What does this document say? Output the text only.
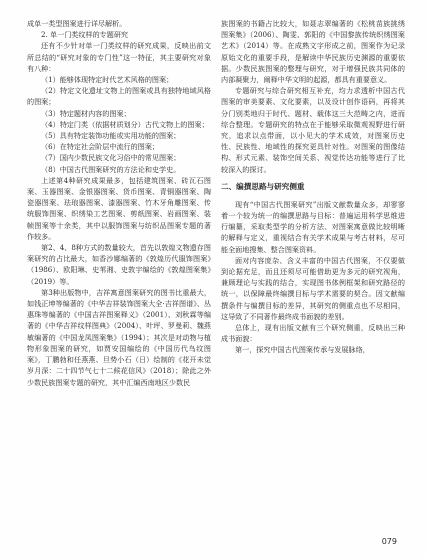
成单一类型图案进行详尽解析。

2. 单一门类纹样的专题研究

还有不少针对单一门类纹样的研究成果，反映出前文所总结的“研究对象的专门性”这一特征，其主要研究对象有八种：

（1）能够体现特定时代艺术风格的图案；

（2）特定文化遗址文物上的图案或具有独特地域风格的图案；

（3）特定题材内容的图案；

（4）特定门类（依据材质划分）古代文物上的图案；

（5）具有特定装饰功能或实用功能的图案；

（6）在特定社会阶层中流行的图案；

（7）国内少数民族文化习俗中的常见图案；

（8）中国古代图案研究的方法论和史学史。

上述第4种研究成果最多，包括建筑图案、砖瓦石图案、玉器图案、金银器图案、货币图案、青铜器图案、陶瓷器图案、珐琅器图案、漆器图案、竹木牙角雕图案、传统服饰图案、织绣染工艺图案、剪纸图案、岩画图案、装帧图案等十余类，其中以服饰图案与纺织品图案专题的著作较多。

第2、4、8种方式的数量较大，首先以敦煌文物遗存图案研究的占比最大，如香沙娜编著的《敦煌历代服饰图案》（1986）、欧阳琳、史苇湘、史敦宇编绘的《敦煌图案集》（2019）等。

第3种出版物中，吉祥寓意图案研究的图书比重最大，如钱正坤等编著的《中华吉祥装饰图案大全·吉祥图谱》、丛惠珠等编著的《中国吉祥图案释义》（2001）、刘秋霖等编著的《中华吉祥纹样图典》（2004）、叶坪、罗曼莉、魏燕敏编著的《中国龙凤图案集》（1994）；其次是对动物与植物形象图案的研究，如贾安国编绘的《中国历代鸟纹图案》，丁鹏勃和任燕燕、旦势小石（日）绘制的《花开未觉岁月深：二十四节气七十二候花信风》（2018）；除此之外少数民族图案专题的研究，其中汇编西南地区少数民

族图案的书籍占比较大，如聂志翠编著的《松桃苗族挑绣图案集》（2006）、陶雯、郭阳的《中国黎族传统织绣图案艺术》（2014）等。在成熟文字形成之前，图案作为记录原始文化的重要手段，是解读中华民族历史渊源的重要依据。少数民族图案的整理与研究，对于增强民族共同体的内部凝聚力，阐释中华文明的起源，都具有重要意义。

专题研究与综合研究相互补充，均力求透析中国古代图案的审美要素、文化要素，以及设计创作语码，再将其分门别类地归于时代、题材、载体这三大范畴之内，进而综合整理。专题研究的特点在于能够采取微观视野进行研究，追求以点带面，以小见大的学术成效，对图案历史性、民族性、地域性的探究更具针对性。对图案的图像结构、形式元素、装饰空间关系、视觉传达功能等进行了比较深入的探讨。

二、编撰思路与研究侧重

现有“中国古代图案研究”出版文献数量众多，却寥寥着一个较为统一的编撰思路与目标：普遍运用科学思维进行编纂，采取类型学的分析方法、对图案寓意做比较明晰的解释与定义，重视结合有关学术成果与考古材料，尽可能全面地搜集、整合图案资料。

面对内容庞杂、含义丰富的中国古代图案，不仅要做到论据充足，而且还须尽可能借助更为多元的研究视角，兼顾理论与实践的结合，实现图书体例框架和研究路径的统一，以保障最终编撰目标与学术需要的契合。因文献编撰条件与编撰目标的差异，其研究的侧重点也不尽相同，这导致了不同著作最终成书面貌的差别。

总体上，现有出版文献有三个研究侧重，反映出三种成书面貌：

第一，探究中国古代图案传承与发展脉络，

079
